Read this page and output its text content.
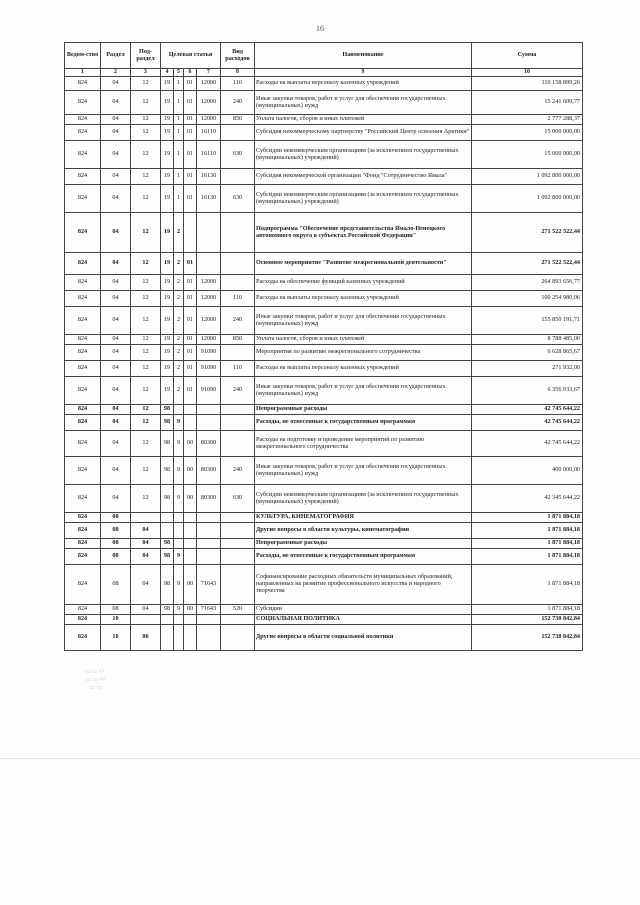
16
Ведом-ство	Раздел	Под-раздел	Целевая статья				Вид расходов	Наименование	Сумма
1	2	3	4	5	6	7	8	9	10
824	04	12	19	1	01	12000	110	Расходы на выплаты персоналу казенных учреждений	110 158 899,26
824	04	12	19	1	01	12000	240	Иные закупки товаров, работ и услуг для обеспечения государственных (муниципальных) нужд	15 241 609,77
824	04	12	19	1	01	12000	850	Уплата налогов, сборов и иных платежей	2 777 288,37
824	04	12	19	1	01	16110		Субсидия некоммерческому партнерству "Российский Центр освоения Арктики"	15 000 000,00
824	04	12	19	1	01	16110	630	Субсидии некоммерческим организациям (за исключением государственных (муниципальных) учреждений)	15 000 000,00
824	04	12	19	1	01	16130		Субсидия некоммерческой организации "Фонд "Сотрудничество Ямала"	1 092 800 000,00
824	04	12	19	1	01	16130	630	Субсидии некоммерческим организациям (за исключением государственных (муниципальных) учреждений)	1 092 800 000,00
824	04	12	19	2				Подпрограмма "Обеспечение представительства Ямало-Ненецкого автономного округа в субъектах Российской Федерации"	271 522 522,44
824	04	12	19	2	01			Основное мероприятие "Развитие межрегиональной деятельности"	271 522 522,44
824	04	12	19	2	01	12000		Расходы на обеспечение функций казенных учреждений	264 893 656,77
824	04	12	19	2	01	12000	110	Расходы на выплаты персоналу казенных учреждений	100 254 980,06
824	04	12	19	2	01	12000	240	Иные закупки товаров, работ и услуг для обеспечения государственных (муниципальных) нужд	155 850 191,71
824	04	12	19	2	01	12000	850	Уплата налогов, сборов и иных платежей	8 788 485,00
824	04	12	19	2	01	91090		Мероприятия по развитию межрегионального сотрудничества	6 628 865,67
824	04	12	19	2	01	91090	110	Расходы на выплаты персоналу казенных учреждений	271 932,00
824	04	12	19	2	01	91090	240	Иные закупки товаров, работ и услуг для обеспечения государственных (муниципальных) нужд	6 356 933,67
824	04	12	98					Непрограммные расходы	42 745 644,22
824	04	12	98	9				Расходы, не отнесенные к государственным программам	42 745 644,22
824	04	12	98	9	00	80300		Расходы на подготовку и проведение мероприятий по развитию межрегионального сотрудничества	42 745 644,22
824	04	12	98	9	00	80300	240	Иные закупки товаров, работ и услуг для обеспечения государственных (муниципальных) нужд	400 000,00
824	04	12	98	9	00	80300	630	Субсидии некоммерческим организациям (за исключением государственных (муниципальных) учреждений)	42 345 644,22
824	08							КУЛЬТУРА, КИНЕМАТОГРАФИЯ	1 871 884,18
824	08	04						Другие вопросы в области культуры, кинематографии	1 871 884,18
824	08	04	98					Непрограммные расходы	1 871 884,18
824	08	04	98	9				Расходы, не отнесенные к государственным программам	1 871 884,18
824	08	04	98	9	00	71643		Софинансирование расходных обязательств муниципальных образований, направленных на развитие профессионального искусства и народного творчества	1 871 884,18
824	08	04	98	9	00	71643	520	Субсидии	1 871 884,18
824	10							СОЦИАЛЬНАЯ ПОЛИТИКА	152 738 842,84
824	10	06						Другие вопросы в области социальной политики	152 738 842,84
▭ ▭ ▭
▭ ▭ ▭
▭ ▭
